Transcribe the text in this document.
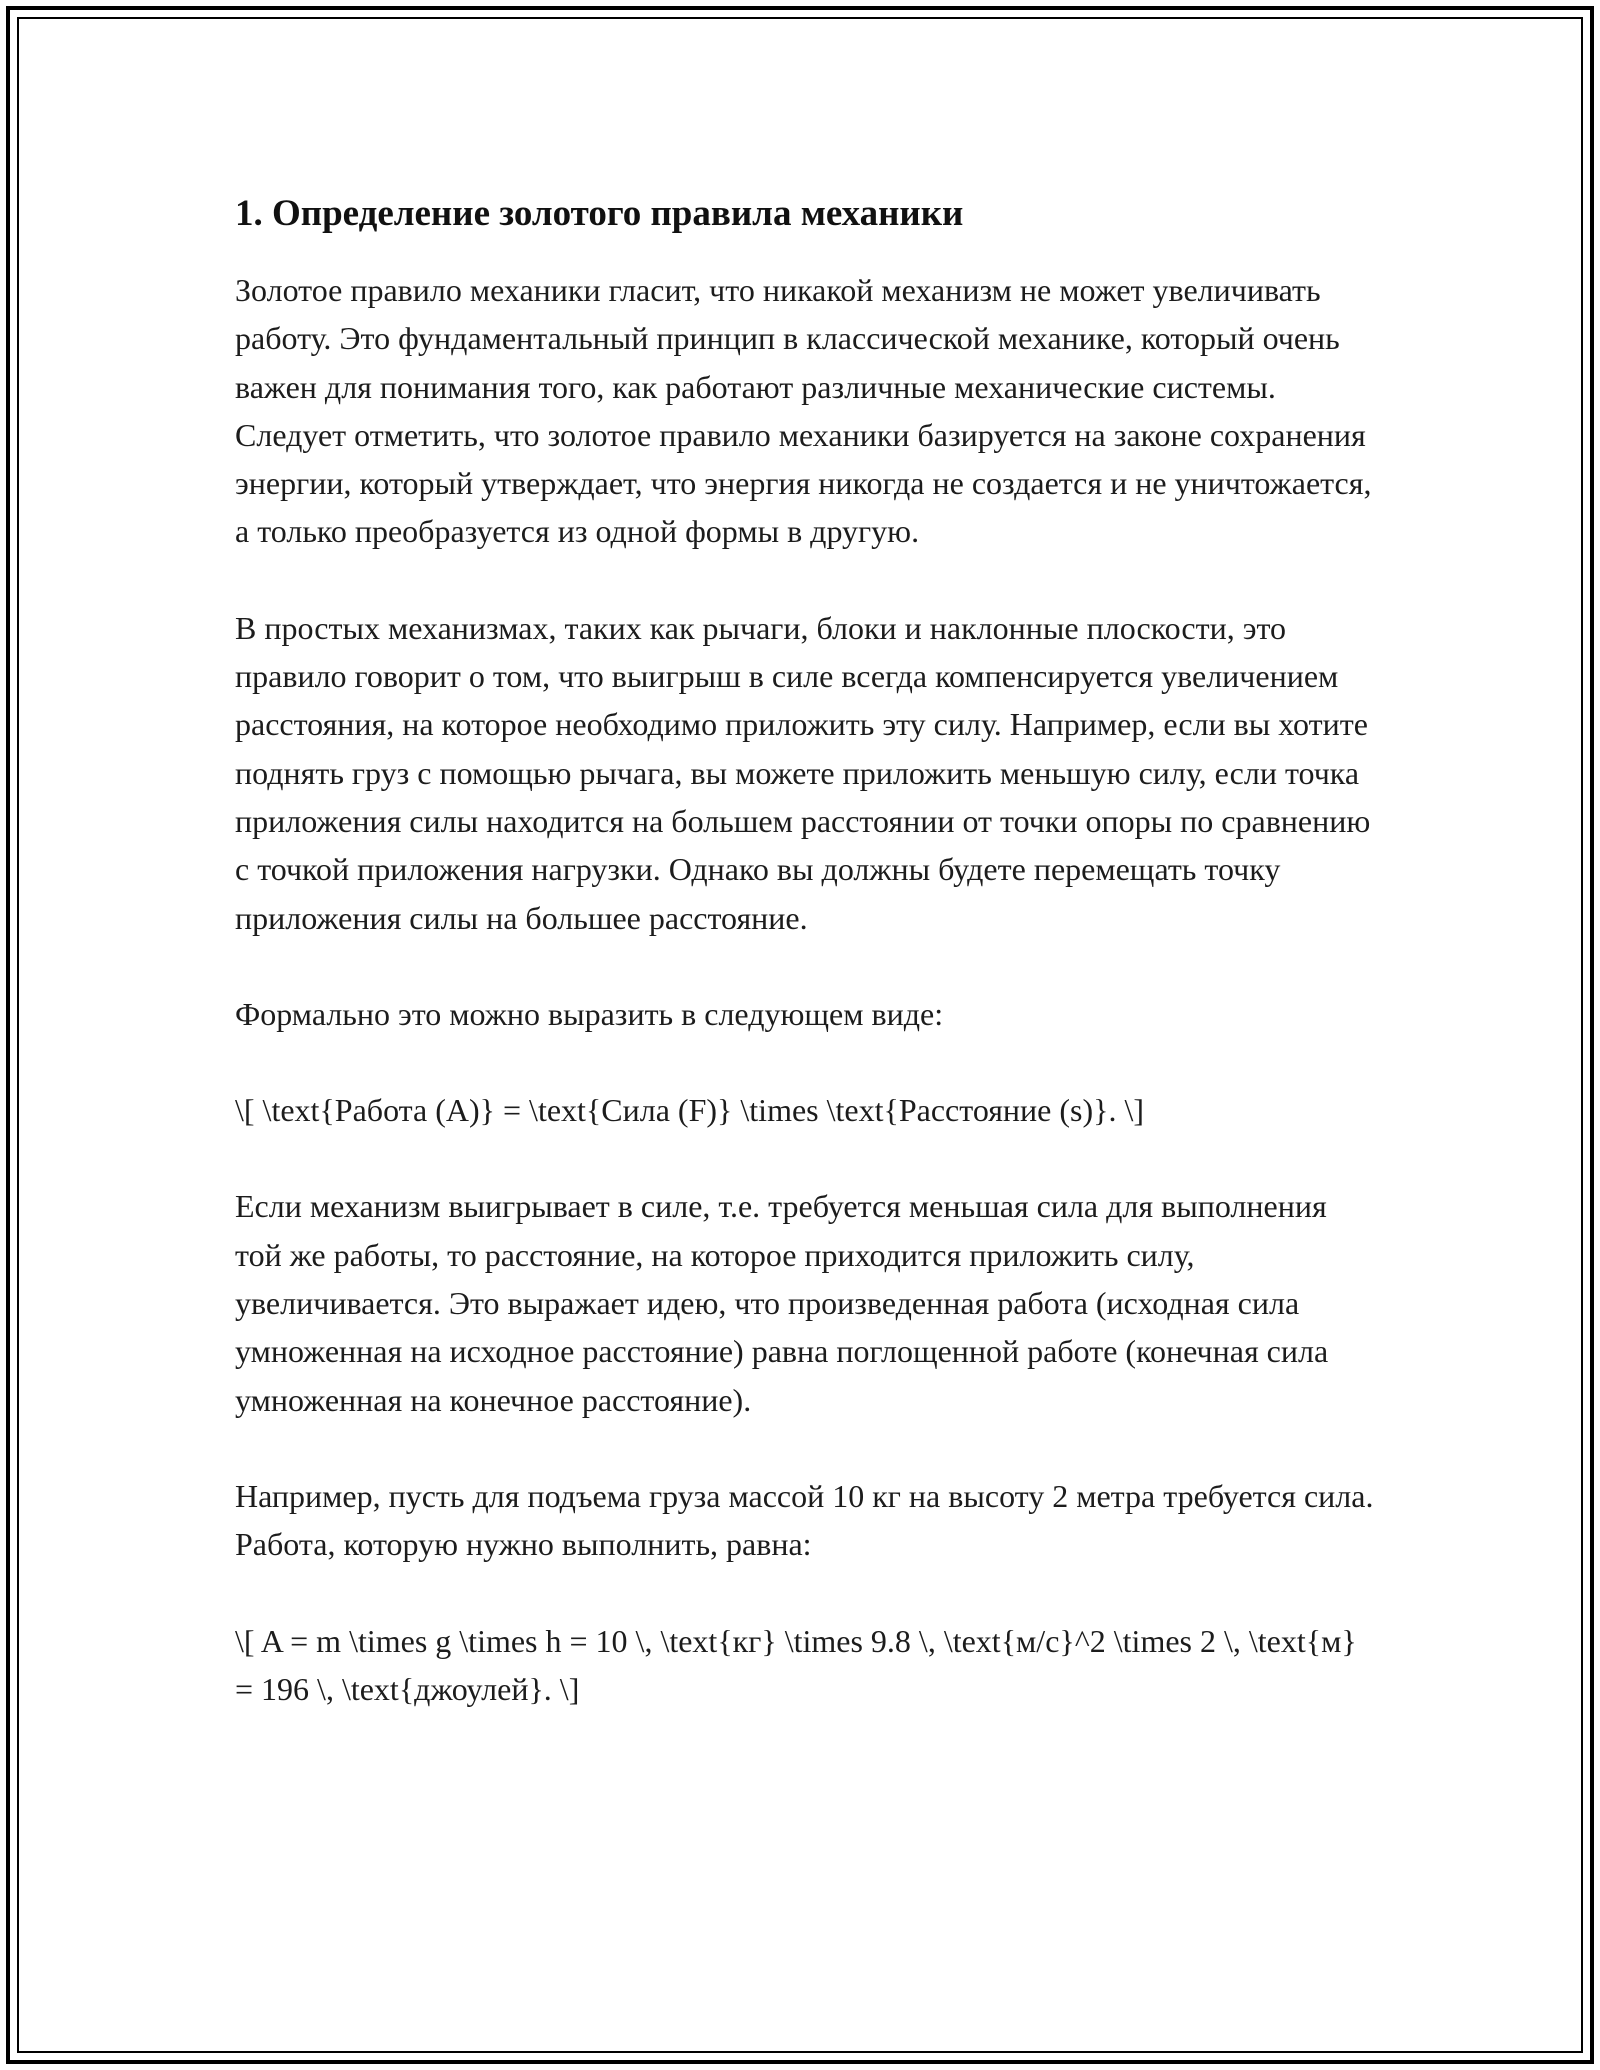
1. Определение золотого правила механики

Золотое правило механики гласит, что никакой механизм не может увеличивать работу. Это фундаментальный принцип в классической механике, который очень важен для понимания того, как работают различные механические системы. Следует отметить, что золотое правило механики базируется на законе сохранения энергии, который утверждает, что энергия никогда не создается и не уничтожается, а только преобразуется из одной формы в другую.

В простых механизмах, таких как рычаги, блоки и наклонные плоскости, это правило говорит о том, что выигрыш в силе всегда компенсируется увеличением расстояния, на которое необходимо приложить эту силу. Например, если вы хотите поднять груз с помощью рычага, вы можете приложить меньшую силу, если точка приложения силы находится на большем расстоянии от точки опоры по сравнению с точкой приложения нагрузки. Однако вы должны будете перемещать точку приложения силы на большее расстояние.

Формально это можно выразить в следующем виде:

\[ \text{Работа (A)} = \text{Сила (F)} \times \text{Расстояние (s)}. \]

Если механизм выигрывает в силе, т.е. требуется меньшая сила для выполнения той же работы, то расстояние, на которое приходится приложить силу, увеличивается. Это выражает идею, что произведенная работа (исходная сила умноженная на исходное расстояние) равна поглощенной работе (конечная сила умноженная на конечное расстояние).

Например, пусть для подъема груза массой 10 кг на высоту 2 метра требуется сила. Работа, которую нужно выполнить, равна:

\[ A = m \times g \times h = 10 \, \text{кг} \times 9.8 \, \text{м/с}^2 \times 2 \, \text{м} = 196 \, \text{джоулей}. \]
